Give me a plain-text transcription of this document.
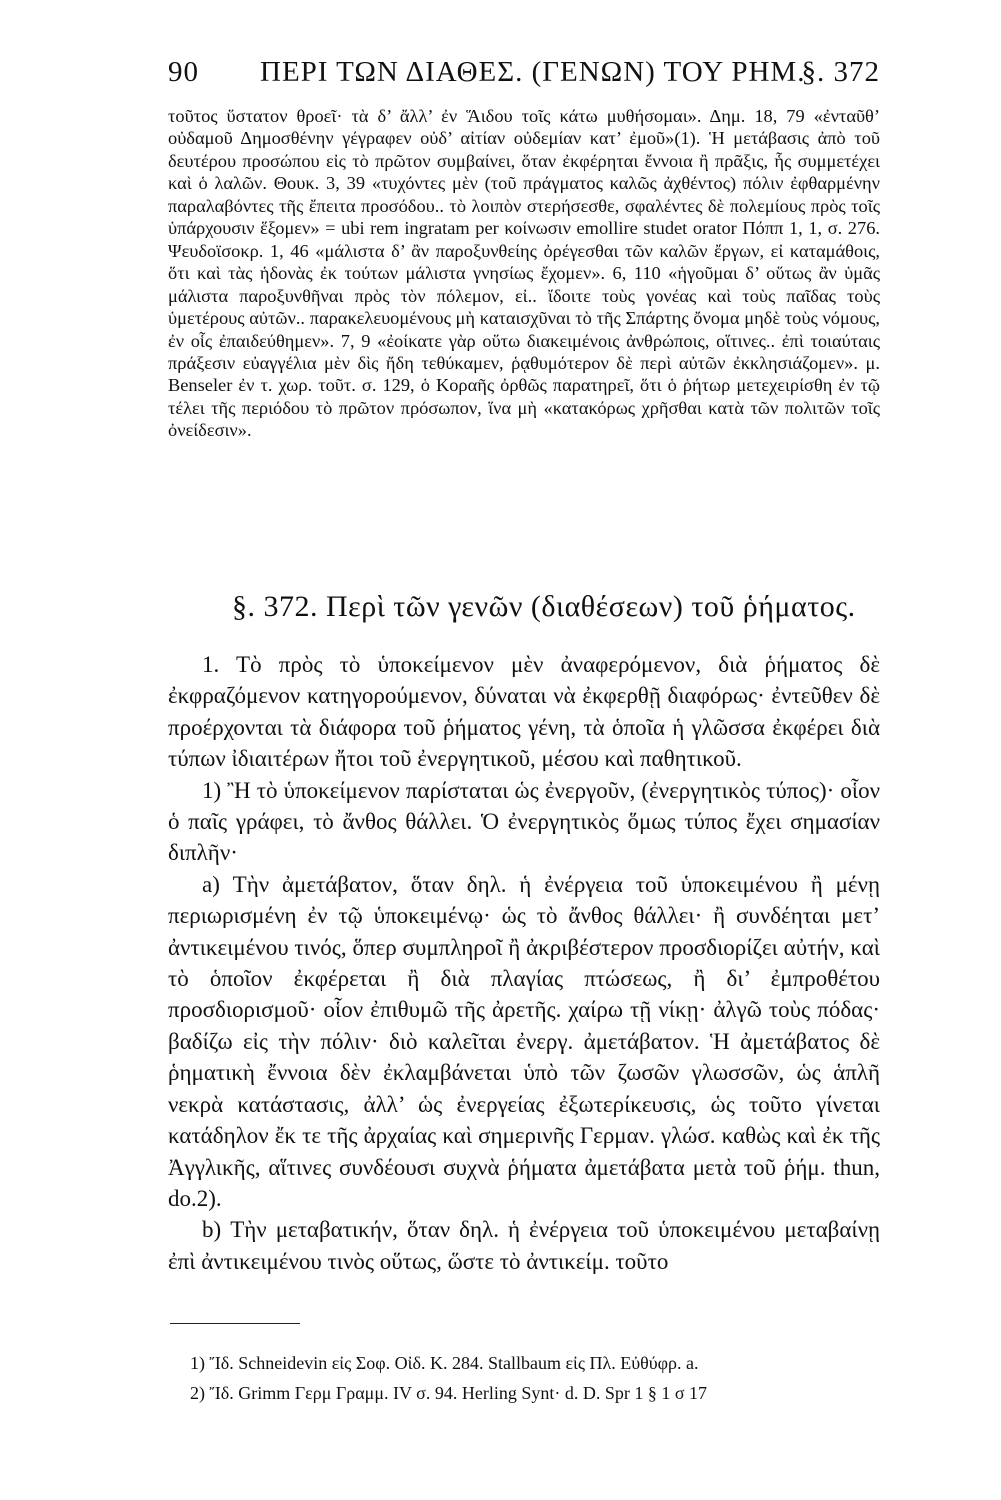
90 ΠΕΡΙ ΤΩΝ ΔΙΑΘΕΣ. (ΓΕΝΩΝ) ΤΟΥ ΡΗΜ.
§. 372

τοῦτος ὕστατον θροεῖ· τὰ δ’ ἄλλ’ ἐν Ἅιδου τοῖς κάτω μυθήσομαι». Δημ. 18, 79 «ἐνταῦθ’ οὐδαμοῦ Δημοσθένην γέγραφεν οὐδ’ αἰτίαν οὐδεμίαν κατ’ ἐμοῦ»(1). Ἡ μετάβασις ἀπὸ τοῦ δευτέρου προσώπου εἰς τὸ πρῶτον συμβαίνει, ὅταν ἐκφέρηται ἔννοια ἢ πρᾶξις, ἧς συμμετέχει καὶ ὁ λαλῶν. Θουκ. 3, 39 «τυχόντες μὲν (τοῦ πράγματος καλῶς ἀχθέντος) πόλιν ἐφθαρμένην παραλαβόντες τῆς ἔπειτα προσόδου.. τὸ λοιπὸν στερήσεσθε, σφαλέντες δὲ πολεμίους πρὸς τοῖς ὑπάρχουσιν ἕξομεν» = ubi rem ingratam per κοίνωσιν emollire studet orator Πόππ 1, 1, σ. 276. Ψευδοϊσοκρ. 1, 46 «μάλιστα δ’ ἂν παροξυνθείης ὀρέγεσθαι τῶν καλῶν ἔργων, εἰ καταμάθοις, ὅτι καὶ τὰς ἡδονὰς ἐκ τούτων μάλιστα γνησίως ἔχομεν». 6, 110 «ἡγοῦμαι δ’ οὕτως ἂν ὑμᾶς μάλιστα παροξυνθῆναι πρὸς τὸν πόλεμον, εἰ.. ἴδοιτε τοὺς γονέας καὶ τοὺς παῖδας τοὺς ὑμετέρους αὐτῶν.. παρακελευομένους μὴ καταισχῦναι τὸ τῆς Σπάρτης ὄνομα μηδὲ τοὺς νόμους, ἐν οἷς ἐπαιδεύθημεν». 7, 9 «ἐοίκατε γὰρ οὕτω διακειμένοις ἀνθρώποις, οἵτινες.. ἐπὶ τοιαύταις πράξεσιν εὐαγγέλια μὲν δὶς ἤδη τεθύκαμεν, ῥᾳθυμότερον δὲ περὶ αὐτῶν ἐκκλησιάζομεν». μ. Benseler ἐν τ. χωρ. τοῦτ. σ. 129, ὁ Κοραῆς ὀρθῶς παρατηρεῖ, ὅτι ὁ ῥήτωρ μετεχειρίσθη ἐν τῷ τέλει τῆς περιόδου τὸ πρῶτον πρόσωπον, ἵνα μὴ «κατακόρως χρῆσθαι κατὰ τῶν πολιτῶν τοῖς ὀνείδεσιν».

§. 372. Περὶ τῶν γενῶν (διαθέσεων) τοῦ ῥήματος.

1. Τὸ πρὸς τὸ ὑποκείμενον μὲν ἀναφερόμενον, διὰ ῥήματος δὲ ἐκφραζόμενον κατηγορούμενον, δύναται νὰ ἐκφερθῇ διαφόρως· ἐντεῦθεν δὲ προέρχονται τὰ διάφορα τοῦ ῥήματος γένη, τὰ ὁποῖα ἡ γλῶσσα ἐκφέρει διὰ τύπων ἰδιαιτέρων ἤτοι τοῦ ἐνεργητικοῦ, μέσου καὶ παθητικοῦ.

1) Ἢ τὸ ὑποκείμενον παρίσταται ὡς ἐνεργοῦν, (ἐνεργητικὸς τύπος)· οἷον ὁ παῖς γράφει, τὸ ἄνθος θάλλει. Ὁ ἐνεργητικὸς ὅμως τύπος ἔχει σημασίαν διπλῆν·

a) Τὴν ἀμετάβατον, ὅταν δηλ. ἡ ἐνέργεια τοῦ ὑποκειμένου ἢ μένῃ περιωρισμένη ἐν τῷ ὑποκειμένῳ· ὡς τὸ ἄνθος θάλλει· ἢ συνδέηται μετ’ ἀντικειμένου τινός, ὅπερ συμπληροῖ ἢ ἀκριβέστερον προσδιορίζει αὐτήν, καὶ τὸ ὁποῖον ἐκφέρεται ἢ διὰ πλαγίας πτώσεως, ἢ δι’ ἐμπροθέτου προσδιορισμοῦ· οἷον ἐπιθυμῶ τῆς ἀρετῆς. χαίρω τῇ νίκῃ· ἀλγῶ τοὺς πόδας· βαδίζω εἰς τὴν πόλιν· διὸ καλεῖται ἐνεργ. ἀμετάβατον. Ἡ ἀμετάβατος δὲ ῥηματικὴ ἔννοια δὲν ἐκλαμβάνεται ὑπὸ τῶν ζωσῶν γλωσσῶν, ὡς ἁπλῆ νεκρὰ κατάστασις, ἀλλ’ ὡς ἐνεργείας ἐξωτερίκευσις, ὡς τοῦτο γίνεται κατάδηλον ἔκ τε τῆς ἀρχαίας καὶ σημερινῆς Γερμαν. γλώσ. καθὼς καὶ ἐκ τῆς Ἀγγλικῆς, αἵτινες συνδέουσι συχνὰ ῥήματα ἀμετάβατα μετὰ τοῦ ῥήμ. thun, do.2).

b) Τὴν μεταβατικήν, ὅταν δηλ. ἡ ἐνέργεια τοῦ ὑποκειμένου μεταβαίνῃ ἐπὶ ἀντικειμένου τινὸς οὕτως, ὥστε τὸ ἀντικείμ. τοῦτο

1) Ἴδ. Schneidevin εἰς Σοφ. Οἰδ. Κ. 284. Stallbaum εἰς Πλ. Εὐθύφρ. a.

2) Ἴδ. Grimm Γερμ Γραμμ. IV σ. 94. Herling Synt· d. D. Spr 1 § 1 σ 17
